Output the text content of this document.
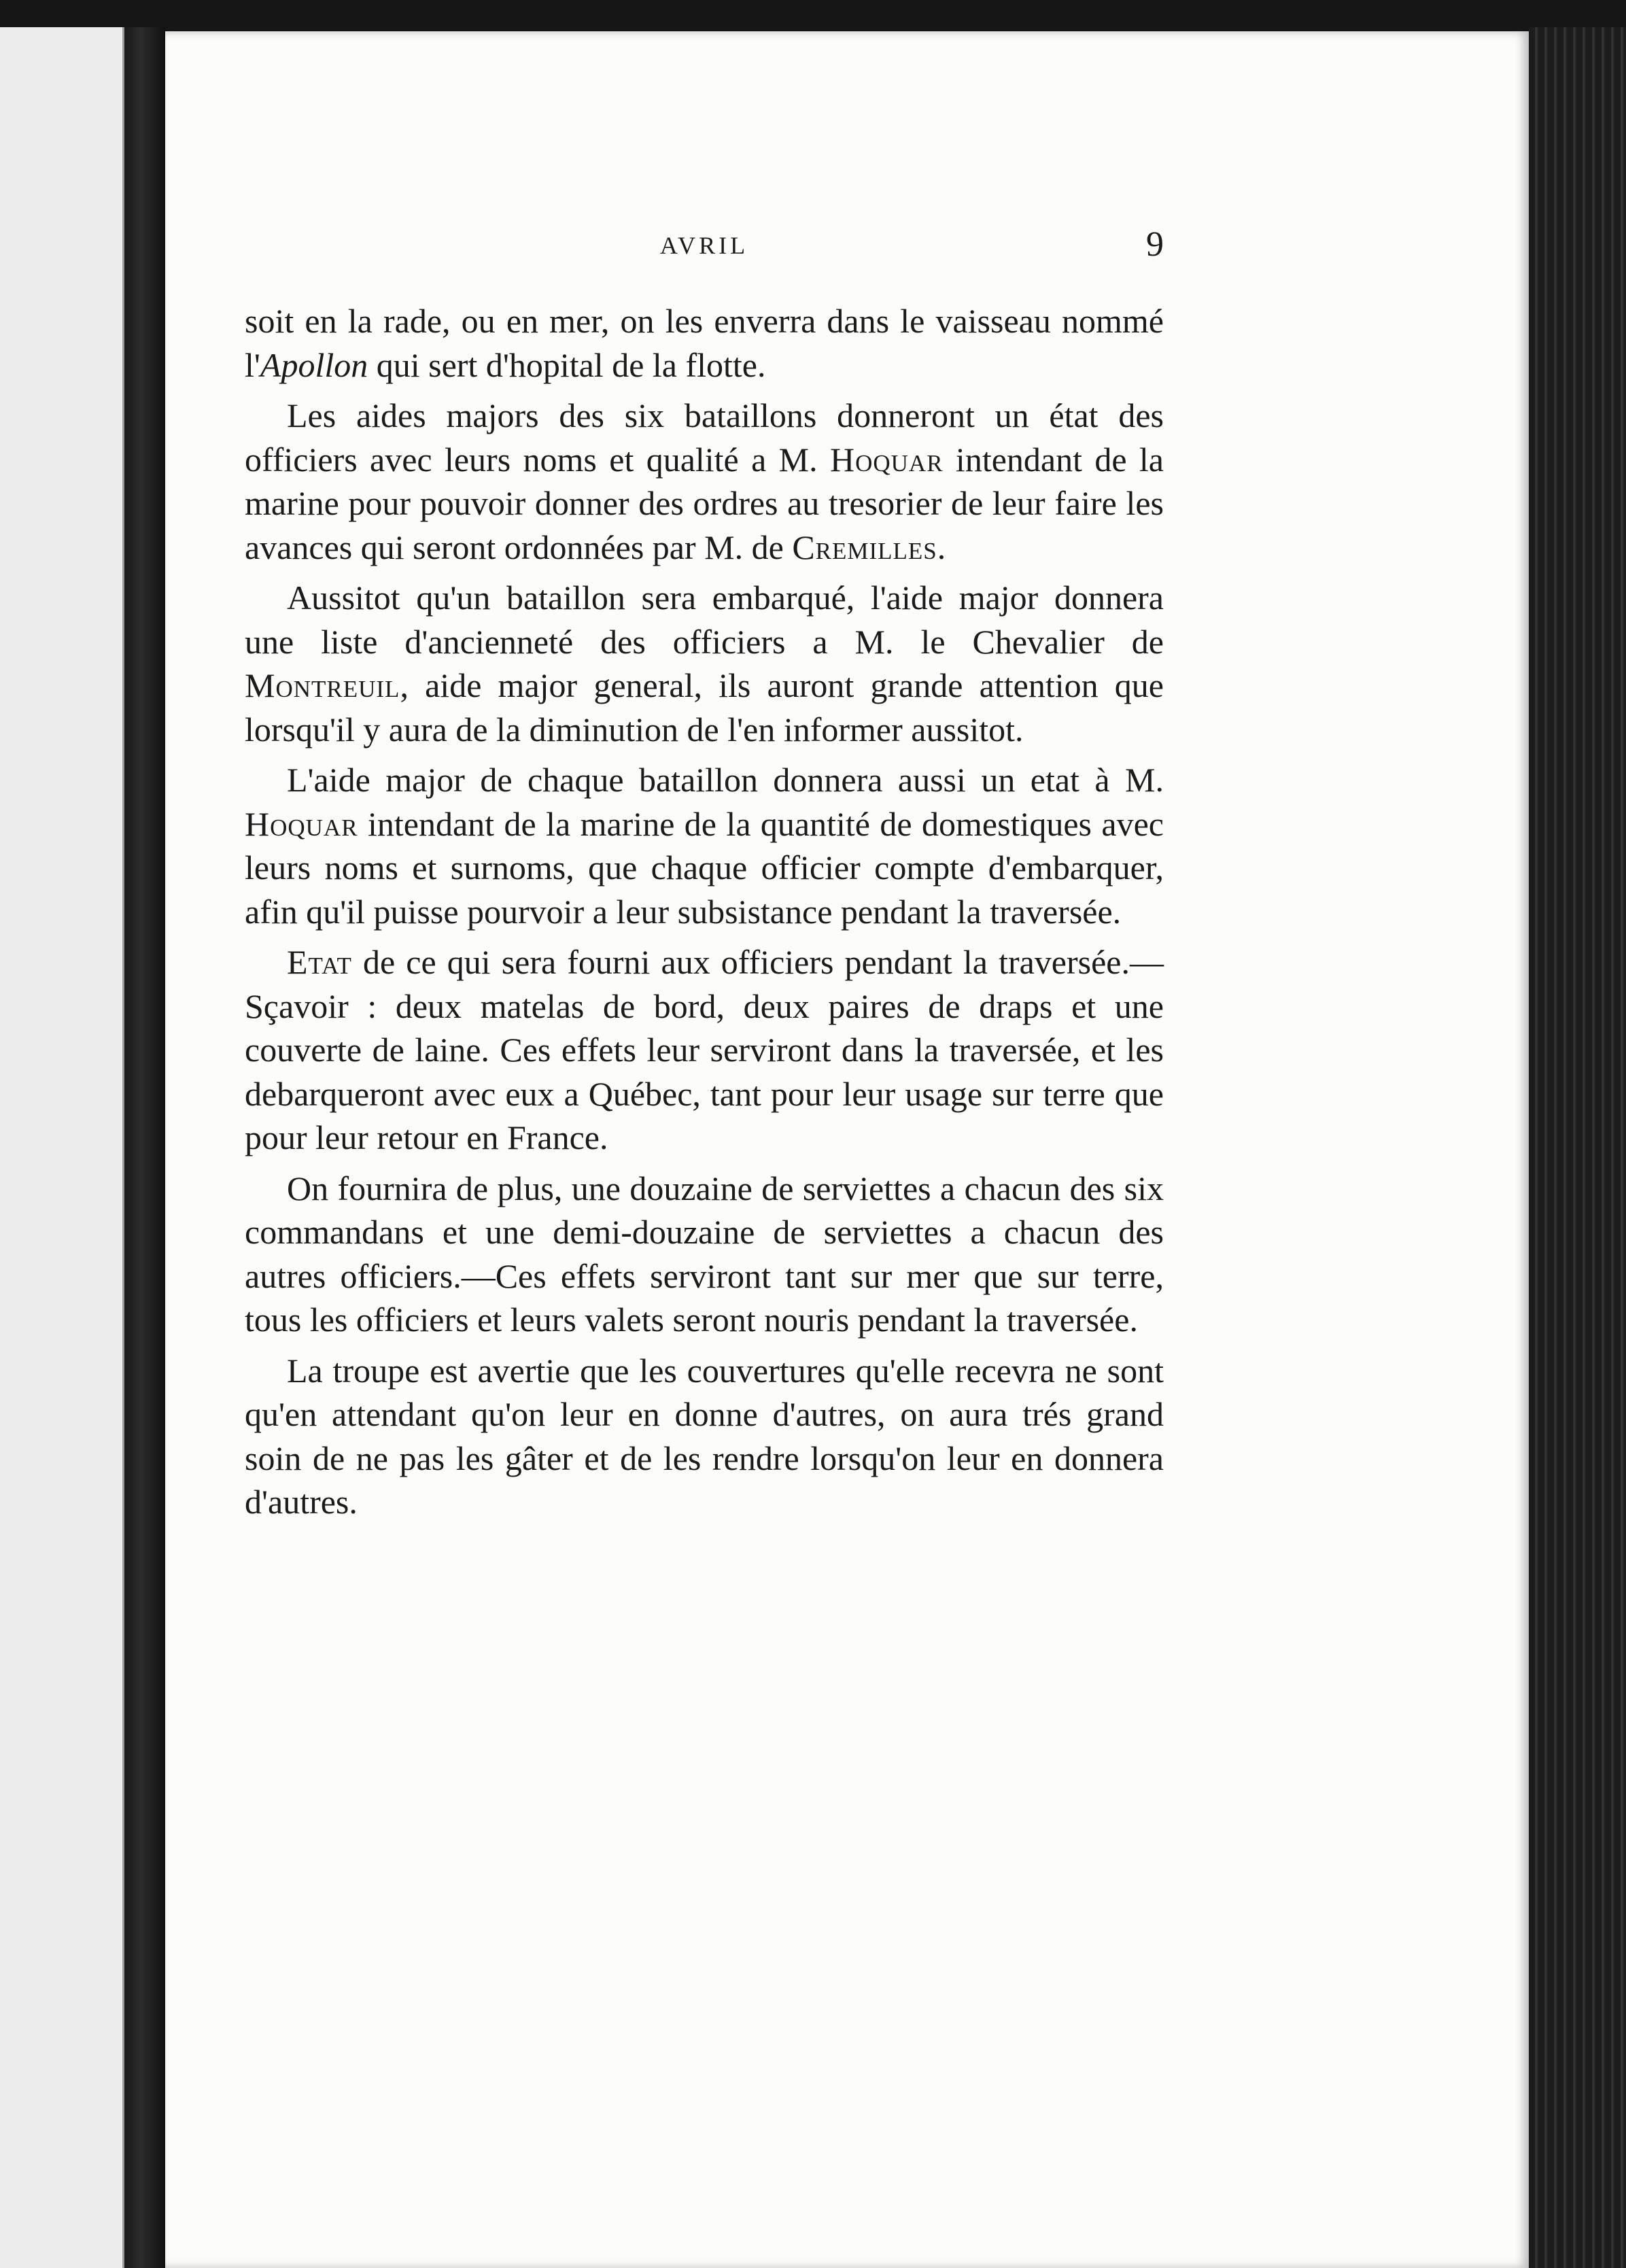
AVRIL	9

soit en la rade, ou en mer, on les enverra dans le vaisseau nommé l'Apollon qui sert d'hopital de la flotte.

Les aides majors des six bataillons donneront un état des officiers avec leurs noms et qualité a M. Hoquar intendant de la marine pour pouvoir donner des ordres au tresorier de leur faire les avances qui seront ordonnées par M. de Cremilles.

Aussitot qu'un bataillon sera embarqué, l'aide major donnera une liste d'ancienneté des officiers a M. le Chevalier de Montreuil, aide major general, ils auront grande attention que lorsqu'il y aura de la diminution de l'en informer aussitot.

L'aide major de chaque bataillon donnera aussi un etat à M. Hoquar intendant de la marine de la quantité de domestiques avec leurs noms et surnoms, que chaque officier compte d'embarquer, afin qu'il puisse pourvoir a leur subsistance pendant la traversée.

Etat de ce qui sera fourni aux officiers pendant la traversée.—Sçavoir : deux matelas de bord, deux paires de draps et une couverte de laine. Ces effets leur serviront dans la traversée, et les debarqueront avec eux a Québec, tant pour leur usage sur terre que pour leur retour en France.

On fournira de plus, une douzaine de serviettes a chacun des six commandans et une demi-douzaine de serviettes a chacun des autres officiers.—Ces effets serviront tant sur mer que sur terre, tous les officiers et leurs valets seront nouris pendant la traversée.

La troupe est avertie que les couvertures qu'elle recevra ne sont qu'en attendant qu'on leur en donne d'autres, on aura trés grand soin de ne pas les gâter et de les rendre lorsqu'on leur en donnera d'autres.
